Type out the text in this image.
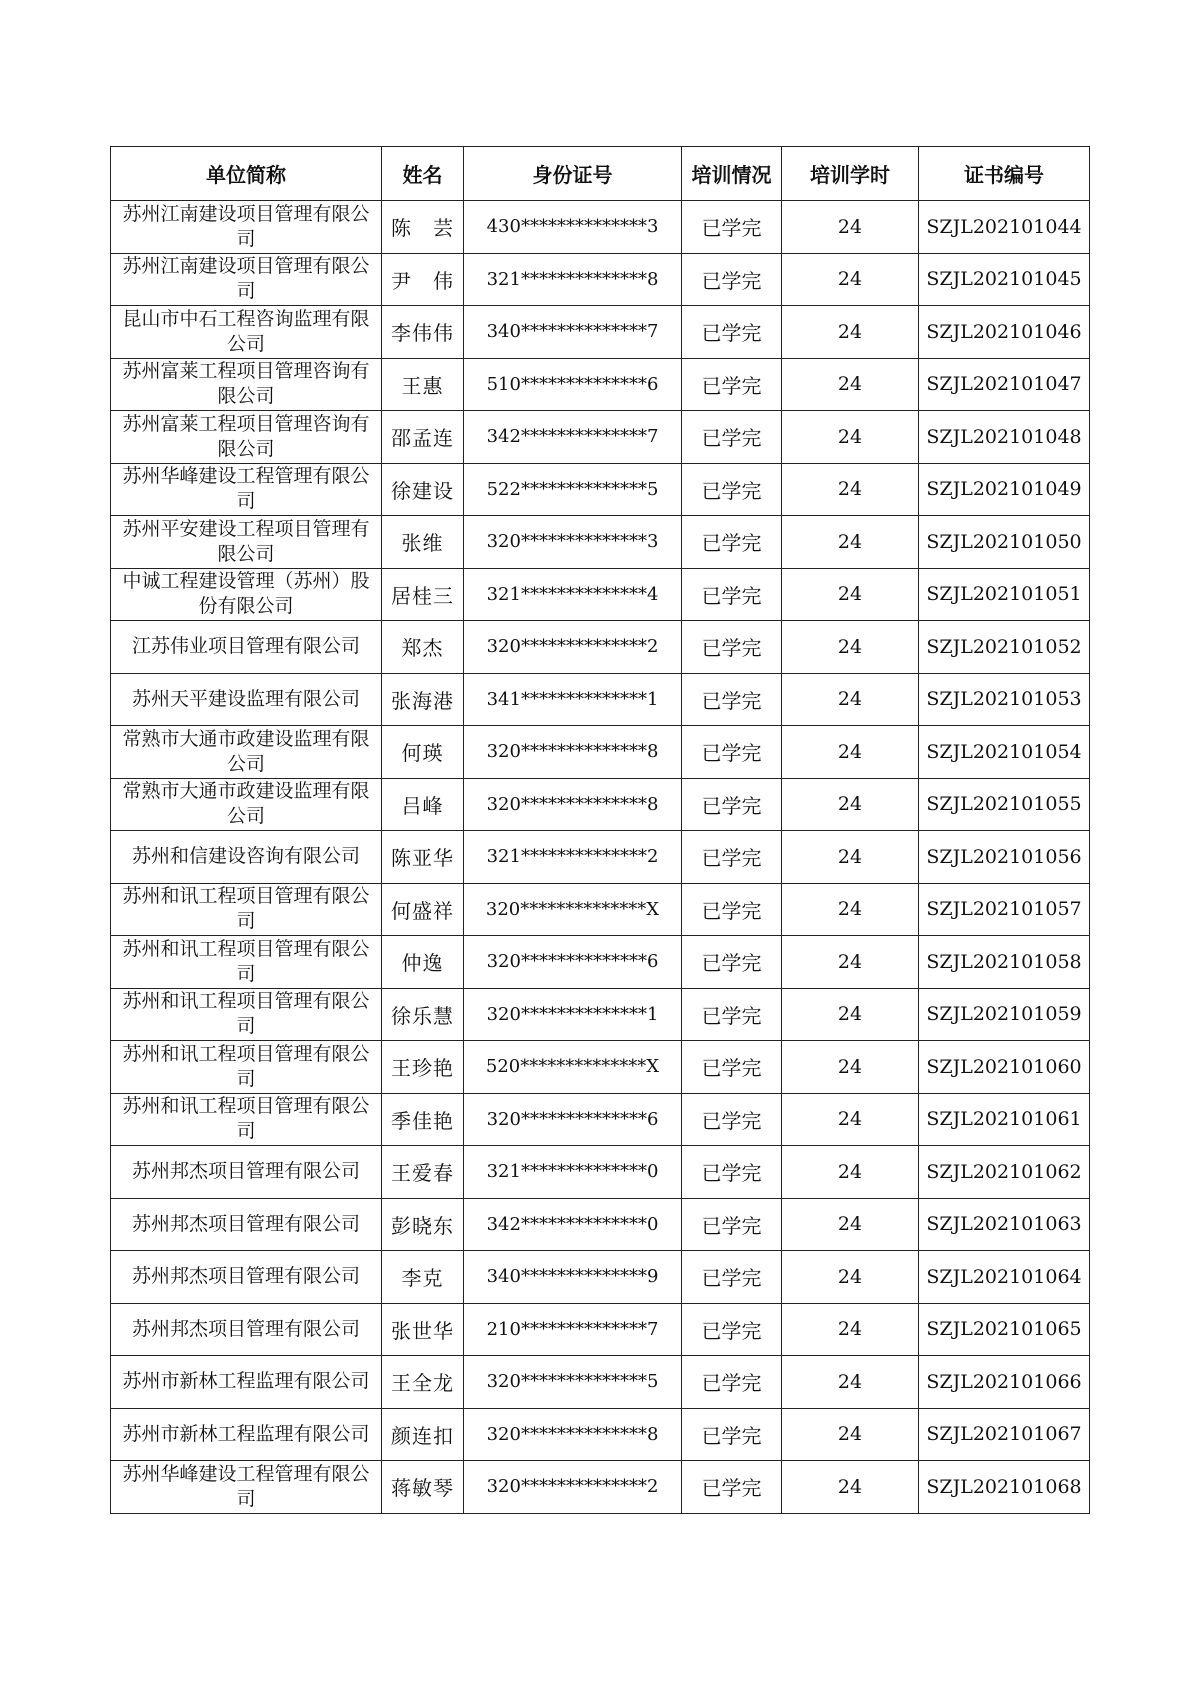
单位简称	姓名	身份证号	培训情况	培训学时	证书编号
苏州江南建设项目管理有限公司	陈　芸	430**************3	已学完	24	SZJL202101044
苏州江南建设项目管理有限公司	尹　伟	321**************8	已学完	24	SZJL202101045
昆山市中石工程咨询监理有限公司	李伟伟	340**************7	已学完	24	SZJL202101046
苏州富莱工程项目管理咨询有限公司	王惠	510**************6	已学完	24	SZJL202101047
苏州富莱工程项目管理咨询有限公司	邵孟连	342**************7	已学完	24	SZJL202101048
苏州华峰建设工程管理有限公司	徐建设	522**************5	已学完	24	SZJL202101049
苏州平安建设工程项目管理有限公司	张维	320**************3	已学完	24	SZJL202101050
中诚工程建设管理（苏州）股份有限公司	居桂三	321**************4	已学完	24	SZJL202101051
江苏伟业项目管理有限公司	郑杰	320**************2	已学完	24	SZJL202101052
苏州天平建设监理有限公司	张海港	341**************1	已学完	24	SZJL202101053
常熟市大通市政建设监理有限公司	何瑛	320**************8	已学完	24	SZJL202101054
常熟市大通市政建设监理有限公司	吕峰	320**************8	已学完	24	SZJL202101055
苏州和信建设咨询有限公司	陈亚华	321**************2	已学完	24	SZJL202101056
苏州和讯工程项目管理有限公司	何盛祥	320**************X	已学完	24	SZJL202101057
苏州和讯工程项目管理有限公司	仲逸	320**************6	已学完	24	SZJL202101058
苏州和讯工程项目管理有限公司	徐乐慧	320**************1	已学完	24	SZJL202101059
苏州和讯工程项目管理有限公司	王珍艳	520**************X	已学完	24	SZJL202101060
苏州和讯工程项目管理有限公司	季佳艳	320**************6	已学完	24	SZJL202101061
苏州邦杰项目管理有限公司	王爱春	321**************0	已学完	24	SZJL202101062
苏州邦杰项目管理有限公司	彭晓东	342**************0	已学完	24	SZJL202101063
苏州邦杰项目管理有限公司	李克	340**************9	已学完	24	SZJL202101064
苏州邦杰项目管理有限公司	张世华	210**************7	已学完	24	SZJL202101065
苏州市新林工程监理有限公司	王全龙	320**************5	已学完	24	SZJL202101066
苏州市新林工程监理有限公司	颜连扣	320**************8	已学完	24	SZJL202101067
苏州华峰建设工程管理有限公司	蒋敏琴	320**************2	已学完	24	SZJL202101068
